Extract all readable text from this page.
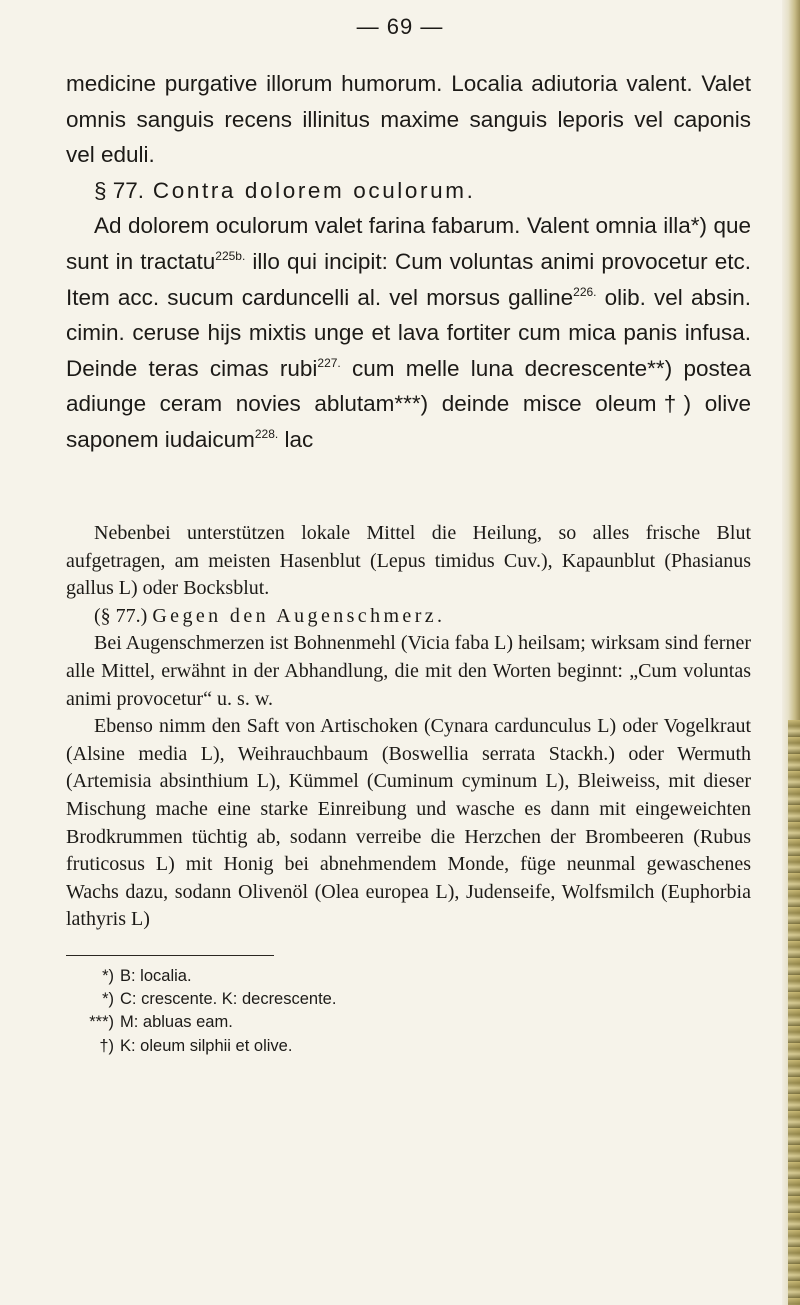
— 69 —

medicine purgative illorum humorum. Localia adiutoria valent. Valet omnis sanguis recens illinitus maxime sanguis leporis vel caponis vel eduli.

§ 77. Contra dolorem oculorum.

Ad dolorem oculorum valet farina fabarum. Valent omnia illa*) que sunt in tractatu$^{225b.}$ illo qui incipit: Cum voluntas animi provocetur etc. Item acc. sucum carduncelli al. vel morsus galline$^{226.}$ olib. vel absin. cimin. ceruse hijs mixtis unge et lava fortiter cum mica panis infusa. Deinde teras cimas rubi$^{227.}$ cum melle luna decrescente**) postea adiunge ceram novies ablutam***) deinde misce oleum†) olive saponem iudaicum$^{228.}$ lac

Nebenbei unterstützen lokale Mittel die Heilung, so alles frische Blut aufgetragen, am meisten Hasenblut (Lepus timidus Cuv.), Kapaunblut (Phasianus gallus L) oder Bocksblut.

(§ 77.) Gegen den Augenschmerz.

Bei Augenschmerzen ist Bohnenmehl (Vicia faba L) heilsam; wirksam sind ferner alle Mittel, erwähnt in der Abhandlung, die mit den Worten beginnt: „Cum voluntas animi provocetur“ u. s. w.

Ebenso nimm den Saft von Artischoken (Cynara cardunculus L) oder Vogelkraut (Alsine media L), Weihrauchbaum (Boswellia serrata Stackh.) oder Wermuth (Artemisia absinthium L), Kümmel (Cuminum cyminum L), Bleiweiss, mit dieser Mischung mache eine starke Einreibung und wasche es dann mit eingeweichten Brodkrummen tüchtig ab, sodann verreibe die Herzchen der Brombeeren (Rubus fruticosus L) mit Honig bei abnehmendem Monde, füge neunmal gewaschenes Wachs dazu, sodann Olivenöl (Olea europea L), Judenseife, Wolfsmilch (Euphorbia lathyris L)

*) B: localia.
*) C: crescente. K: decrescente.
***) M: abluas eam.
†) K: oleum silphii et olive.
